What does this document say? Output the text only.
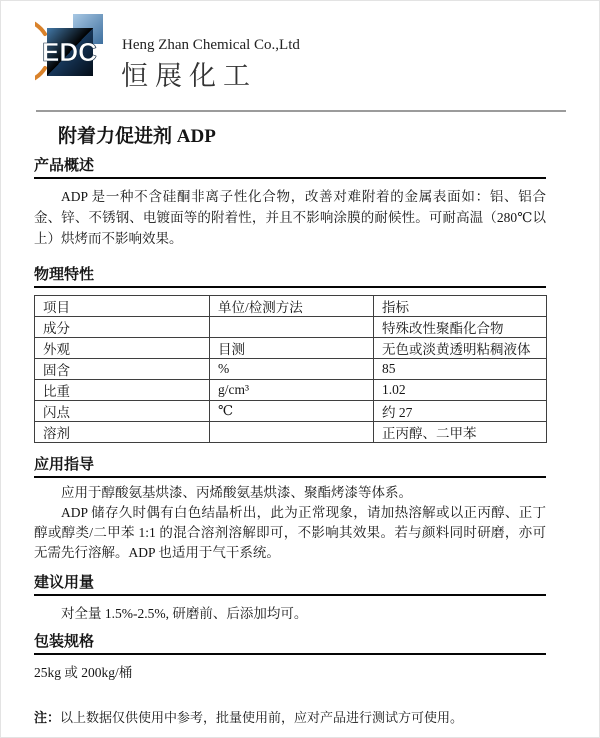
EDC Heng Zhan Chemical Co.,Ltd
恒展化工
附着力促进剂 ADP
产品概述

ADP 是一种不含硅酮非离子性化合物，改善对难附着的金属表面如：铝、铝合金、锌、不锈钢、电镀面等的附着性，并且不影响涂膜的耐候性。可耐高温（280℃以上）烘烤而不影响效果。

物理特性
项目	单位/检测方法	指标
成分		特殊改性聚酯化合物
外观	目测	无色或淡黄透明粘稠液体
固含	%	85
比重	g/cm³	1.02
闪点	℃	约 27
溶剂		正丙醇、二甲苯
应用指导

应用于醇酸氨基烘漆、丙烯酸氨基烘漆、聚酯烤漆等体系。

ADP 储存久时偶有白色结晶析出，此为正常现象，请加热溶解或以正丙醇、正丁醇或醇类/二甲苯 1:1 的混合溶剂溶解即可，不影响其效果。若与颜料同时研磨，亦可无需先行溶解。ADP 也适用于气干系统。

建议用量

对全量 1.5%-2.5%, 研磨前、后添加均可。

包装规格

25kg 或 200kg/桶

注：以上数据仅供使用中参考，批量使用前，应对产品进行测试方可使用。
